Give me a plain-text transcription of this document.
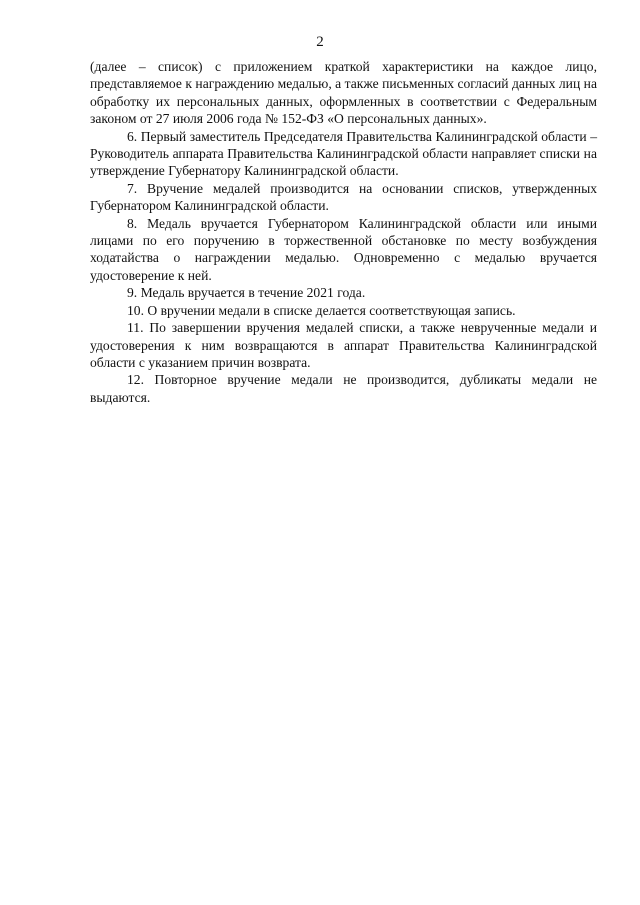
2

(далее – список) с приложением краткой характеристики на каждое лицо, представляемое к награждению медалью, а также письменных согласий данных лиц на обработку их персональных данных, оформленных в соответствии с Федеральным законом от 27 июля 2006 года № 152-ФЗ «О персональных данных».

6. Первый заместитель Председателя Правительства Калининградской области – Руководитель аппарата Правительства Калининградской области направляет списки на утверждение Губернатору Калининградской области.

7. Вручение медалей производится на основании списков, утвержденных Губернатором Калининградской области.

8. Медаль вручается Губернатором Калининградской области или иными лицами по его поручению в торжественной обстановке по месту возбуждения ходатайства о награждении медалью. Одновременно с медалью вручается удостоверение к ней.

9. Медаль вручается в течение 2021 года.

10. О вручении медали в списке делается соответствующая запись.

11. По завершении вручения медалей списки, а также неврученные медали и удостоверения к ним возвращаются в аппарат Правительства Калининградской области с указанием причин возврата.

12. Повторное вручение медали не производится, дубликаты медали не выдаются.
